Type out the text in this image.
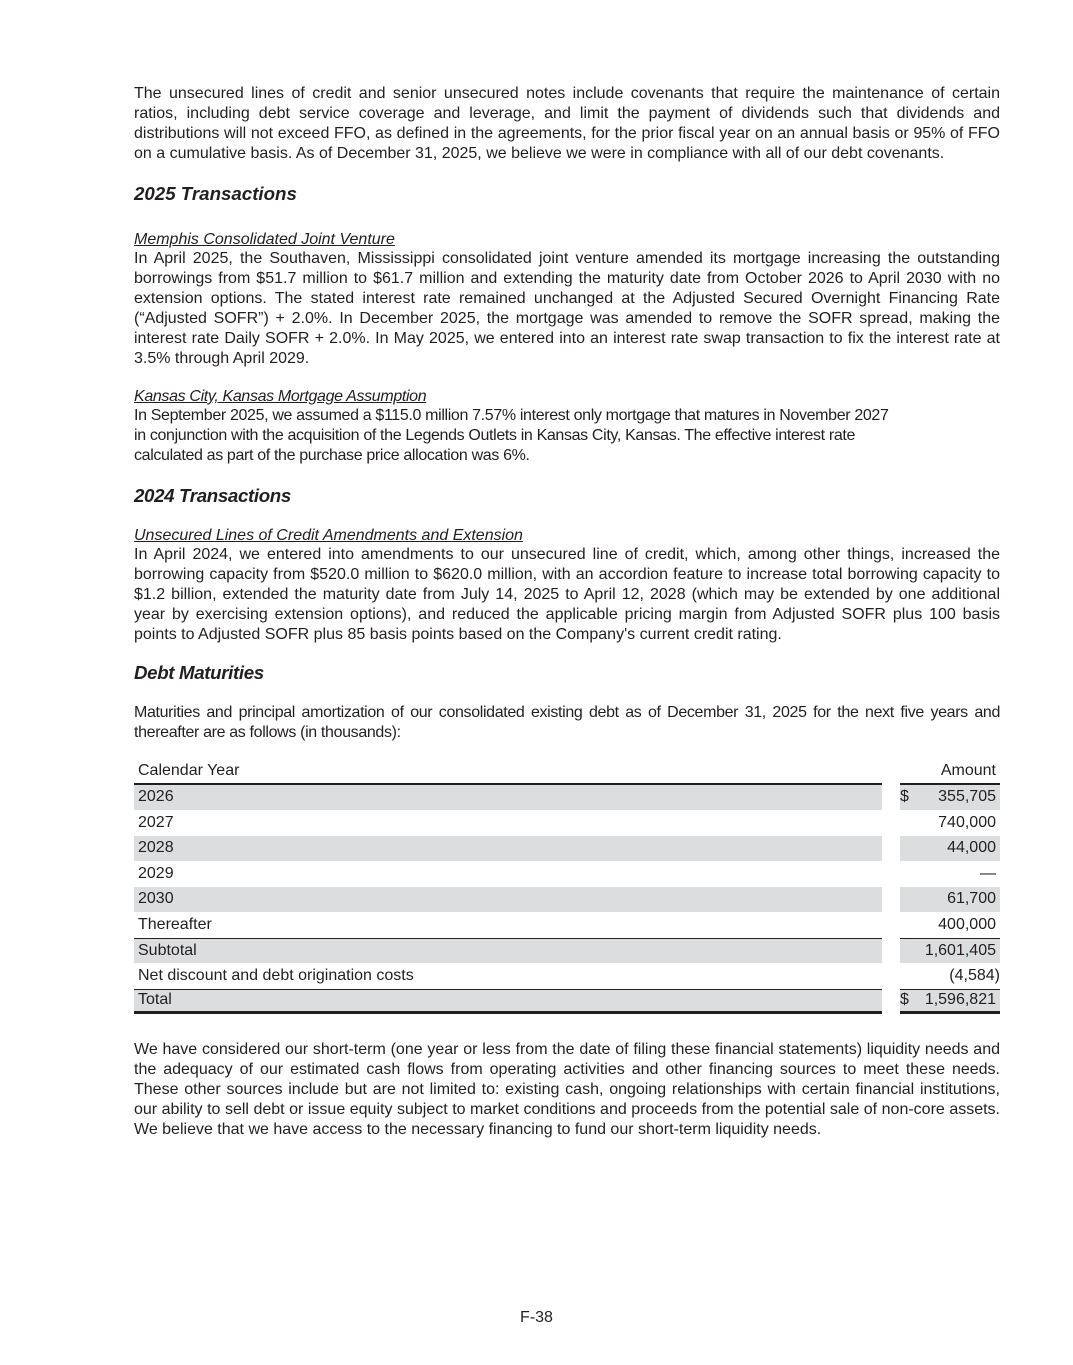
The unsecured lines of credit and senior unsecured notes include covenants that require the maintenance of certain ratios, including debt service coverage and leverage, and limit the payment of dividends such that dividends and distributions will not exceed FFO, as defined in the agreements, for the prior fiscal year on an annual basis or 95% of FFO on a cumulative basis. As of December 31, 2025, we believe we were in compliance with all of our debt covenants.

2025 Transactions
Memphis Consolidated Joint Venture

In April 2025, the Southaven, Mississippi consolidated joint venture amended its mortgage increasing the outstanding borrowings from $51.7 million to $61.7 million and extending the maturity date from October 2026 to April 2030 with no extension options. The stated interest rate remained unchanged at the Adjusted Secured Overnight Financing Rate (“Adjusted SOFR”) + 2.0%. In December 2025, the mortgage was amended to remove the SOFR spread, making the interest rate Daily SOFR + 2.0%. In May 2025, we entered into an interest rate swap transaction to fix the interest rate at 3.5% through April 2029.

Kansas City, Kansas Mortgage Assumption

In September 2025, we assumed a $115.0 million 7.57% interest only mortgage that matures in November 2027

in conjunction with the acquisition of the Legends Outlets in Kansas City, Kansas. The effective interest rate

calculated as part of the purchase price allocation was 6%.

2024 Transactions
Unsecured Lines of Credit Amendments and Extension

In April 2024, we entered into amendments to our unsecured line of credit, which, among other things, increased the borrowing capacity from $520.0 million to $620.0 million, with an accordion feature to increase total borrowing capacity to $1.2 billion, extended the maturity date from July 14, 2025 to April 12, 2028 (which may be extended by one additional year by exercising extension options), and reduced the applicable pricing margin from Adjusted SOFR plus 100 basis points to Adjusted SOFR plus 85 basis points based on the Company's current credit rating.

Debt Maturities

Maturities and principal amortization of our consolidated existing debt as of December 31, 2025 for the next five years and thereafter are as follows (in thousands):

Calendar Year	Amount
2026	$ 355,705
2027	740,000
2028	44,000
2029	—
2030	61,700
Thereafter	400,000
Subtotal	1,601,405
Net discount and debt origination costs	(4,584)
Total	$ 1,596,821

We have considered our short-term (one year or less from the date of filing these financial statements) liquidity needs and the adequacy of our estimated cash flows from operating activities and other financing sources to meet these needs. These other sources include but are not limited to: existing cash, ongoing relationships with certain financial institutions, our ability to sell debt or issue equity subject to market conditions and proceeds from the potential sale of non-core assets. We believe that we have access to the necessary financing to fund our short-term liquidity needs.

F-38
